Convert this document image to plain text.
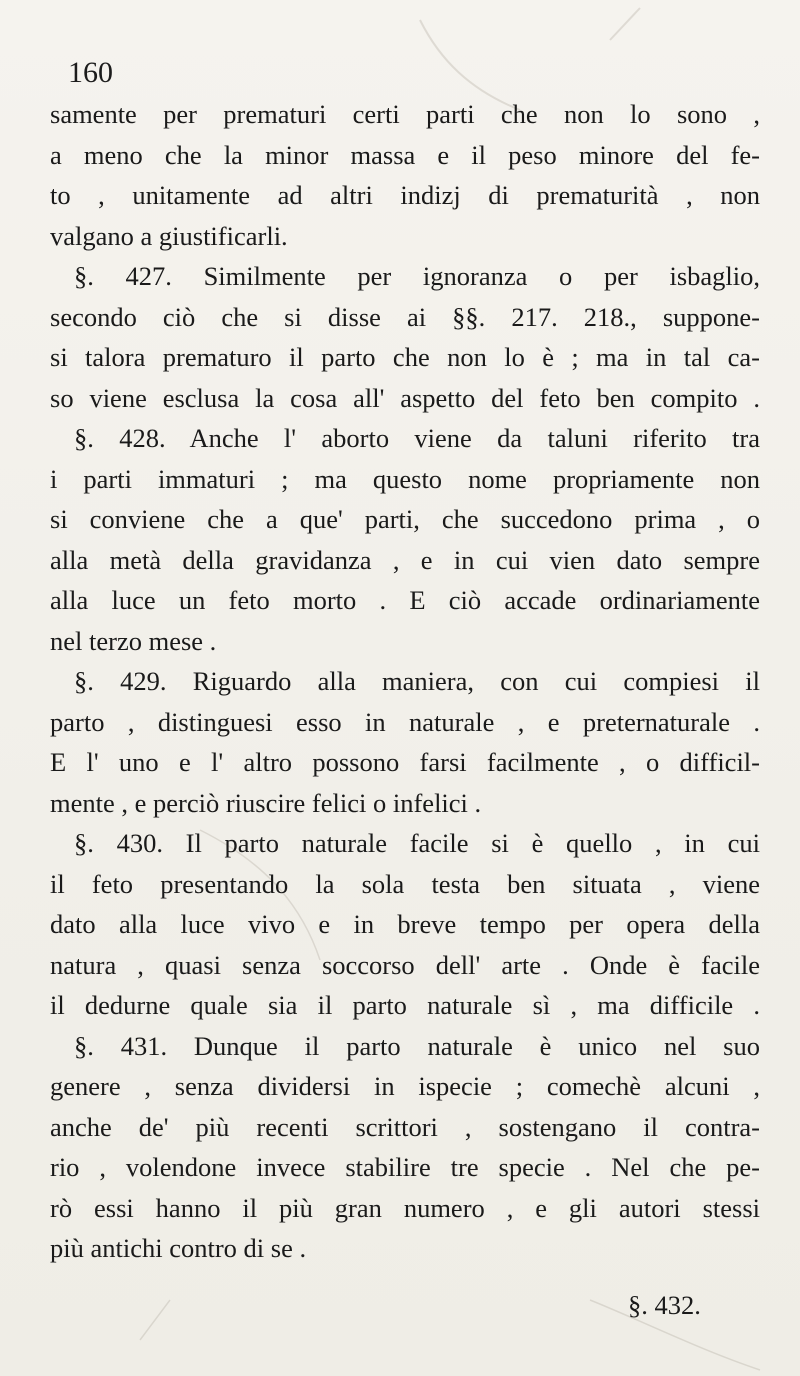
160
samente per prematuri certi parti che non lo sono ,
a meno che la minor massa e il peso minore del fe-
to , unitamente ad altri indizj di prematurità , non
valgano a giustificarli.
§. 427. Similmente per ignoranza o per isbaglio,
secondo ciò che si disse ai §§. 217. 218., suppone-
si talora prematuro il parto che non lo è ; ma in tal ca-
so viene esclusa la cosa all' aspetto del feto ben compito .
§. 428. Anche l' aborto viene da taluni riferito tra
i parti immaturi ; ma questo nome propriamente non
si conviene che a que' parti, che succedono prima , o
alla metà della gravidanza , e in cui vien dato sempre
alla luce un feto morto . E ciò accade ordinariamente
nel terzo mese .
§. 429. Riguardo alla maniera, con cui compiesi il
parto , distinguesi esso in naturale , e preternaturale .
E l' uno e l' altro possono farsi facilmente , o difficil-
mente , e perciò riuscire felici o infelici .
§. 430. Il parto naturale facile si è quello , in cui
il feto presentando la sola testa ben situata , viene
dato alla luce vivo e in breve tempo per opera della
natura , quasi senza soccorso dell' arte . Onde è facile
il dedurne quale sia il parto naturale sì , ma difficile .
§. 431. Dunque il parto naturale è unico nel suo
genere , senza dividersi in ispecie ; comechè alcuni ,
anche de' più recenti scrittori , sostengano il contra-
rio , volendone invece stabilire tre specie . Nel che pe-
rò essi hanno il più gran numero , e gli autori stessi
più antichi contro di se .
§. 432.
